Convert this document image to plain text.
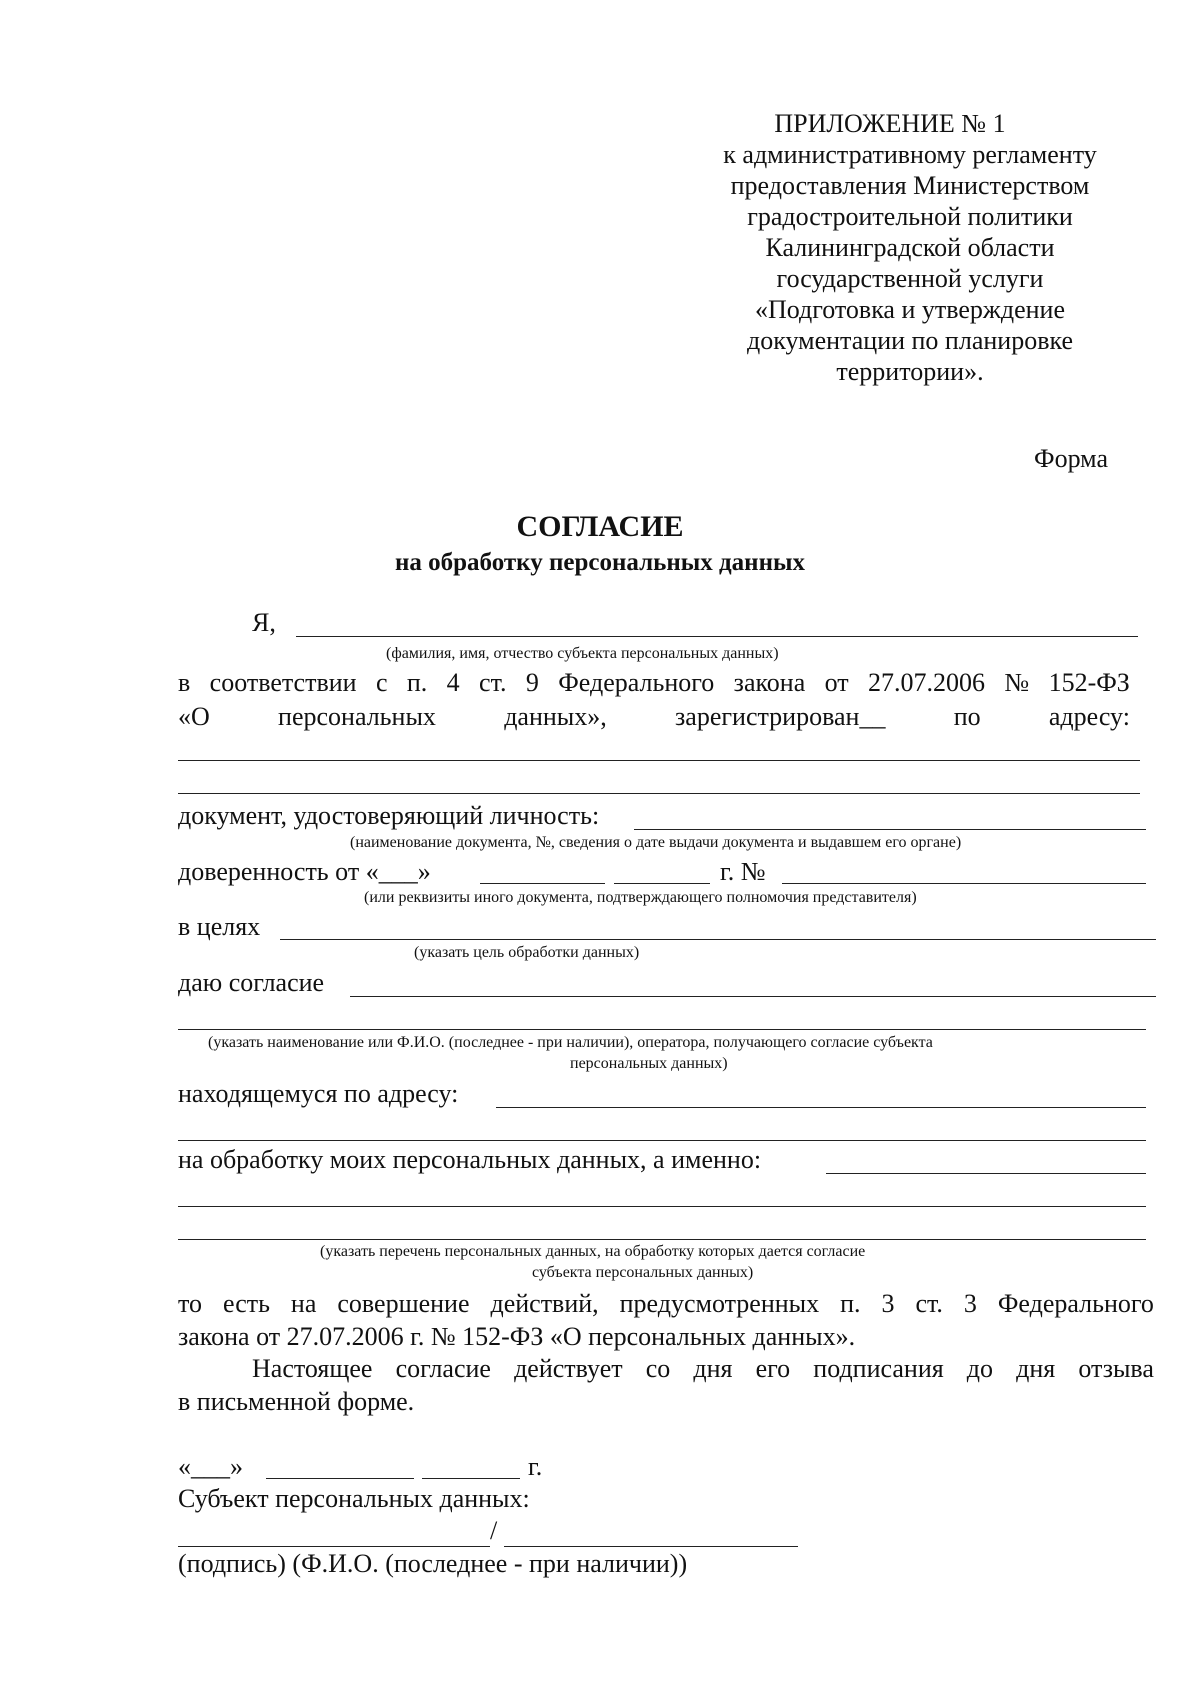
ПРИЛОЖЕНИЕ № 1
к административному регламенту
предоставления Министерством
градостроительной политики
Калининградской области
государственной услуги
«Подготовка и утверждение
документации по планировке
территории».
Форма
СОГЛАСИЕ
на обработку персональных данных
Я,
(фамилия, имя, отчество субъекта персональных данных)
в соответствии с п. 4 ст. 9 Федерального закона от 27.07.2006 № 152-ФЗ
«О	персональных	данных»,	зарегистрирован__	по	адресу:
документ, удостоверяющий личность:
(наименование документа, №, сведения о дате выдачи документа и выдавшем его органе)
доверенность от «___»	г. №
(или реквизиты иного документа, подтверждающего полномочия представителя)
в целях
(указать цель обработки данных)
даю согласие
(указать наименование или Ф.И.О. (последнее - при наличии), оператора, получающего согласие субъекта
персональных данных)
находящемуся по адресу:
на обработку моих персональных данных, а именно:
(указать перечень персональных данных, на обработку которых дается согласие
субъекта персональных данных)
то есть на совершение действий, предусмотренных п. 3 ст. 3 Федерального
закона от 27.07.2006 г. № 152-ФЗ «О персональных данных».
Настоящее согласие действует со дня его подписания до дня отзыва
в письменной форме.
«___»	г.
Субъект персональных данных:
/
(подпись) (Ф.И.О. (последнее - при наличии))
